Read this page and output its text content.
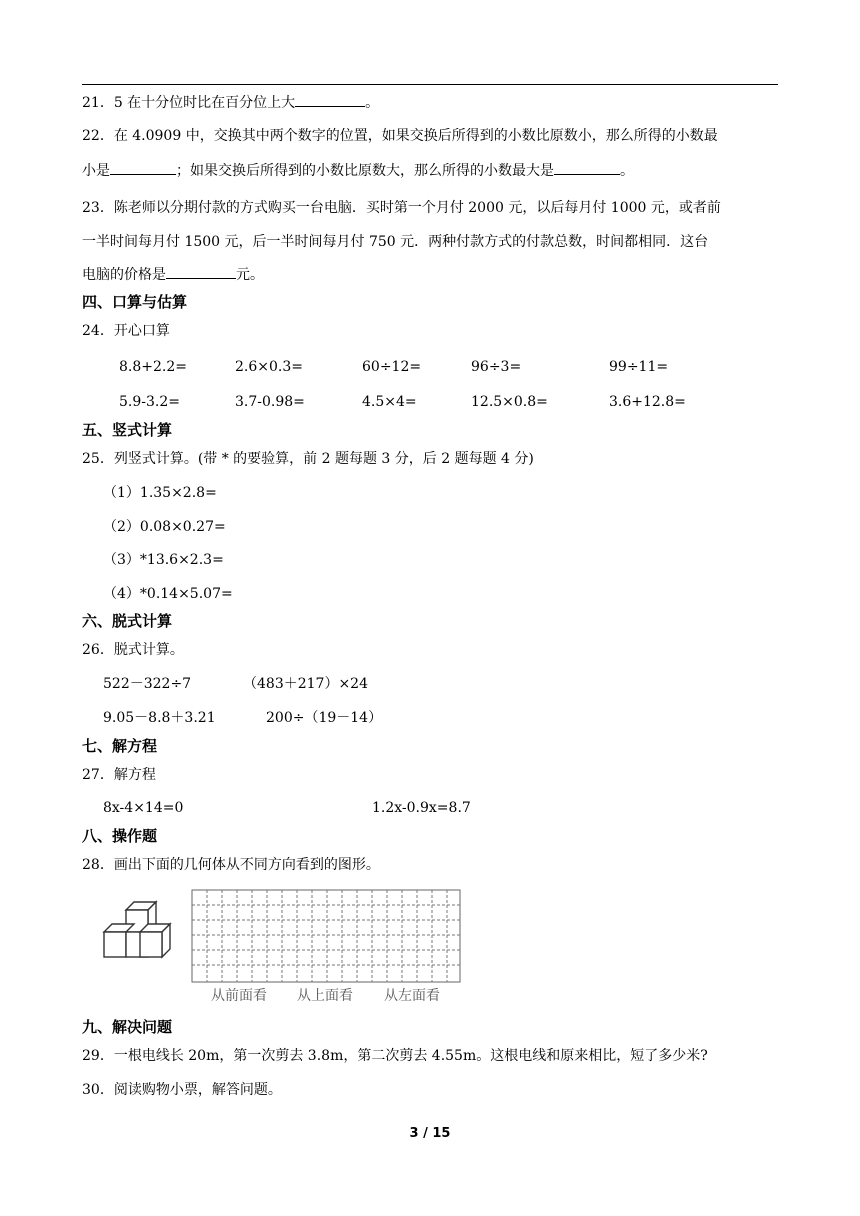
21．5 在十分位时比在百分位上大	。
22．在 4.0909 中，交换其中两个数字的位置，如果交换后所得到的小数比原数小，那么所得的小数最
小是	；如果交换后所得到的小数比原数大，那么所得的小数最大是	。
23．陈老师以分期付款的方式购买一台电脑．买时第一个月付 2000 元，以后每月付 1000 元，或者前
一半时间每月付 1500 元，后一半时间每月付 750 元．两种付款方式的付款总数，时间都相同．这台
电脑的价格是	元。
四、口算与估算
24．开心口算
8.8+2.2=	2.6×0.3=	60÷12=	96÷3=	99÷11=
5.9-3.2=	3.7-0.98=	4.5×4=	12.5×0.8=	3.6+12.8=
五、竖式计算
25．列竖式计算。(带 * 的要验算，前 2 题每题 3 分，后 2 题每题 4 分)
（1）1.35×2.8=
（2）0.08×0.27=
（3）*13.6×2.3=
（4）*0.14×5.07=
六、脱式计算
26．脱式计算。
522－322÷7	（483＋217）×24
9.05－8.8＋3.21	200÷（19－14）
七、解方程
27．解方程
8x-4×14=0	1.2x-0.9x=8.7
八、操作题
28．画出下面的几何体从不同方向看到的图形。
从前面看 从上面看 从左面看
九、解决问题
29．一根电线长 20m，第一次剪去 3.8m，第二次剪去 4.55m。这根电线和原来相比，短了多少米?
30．阅读购物小票，解答问题。
3 / 15
